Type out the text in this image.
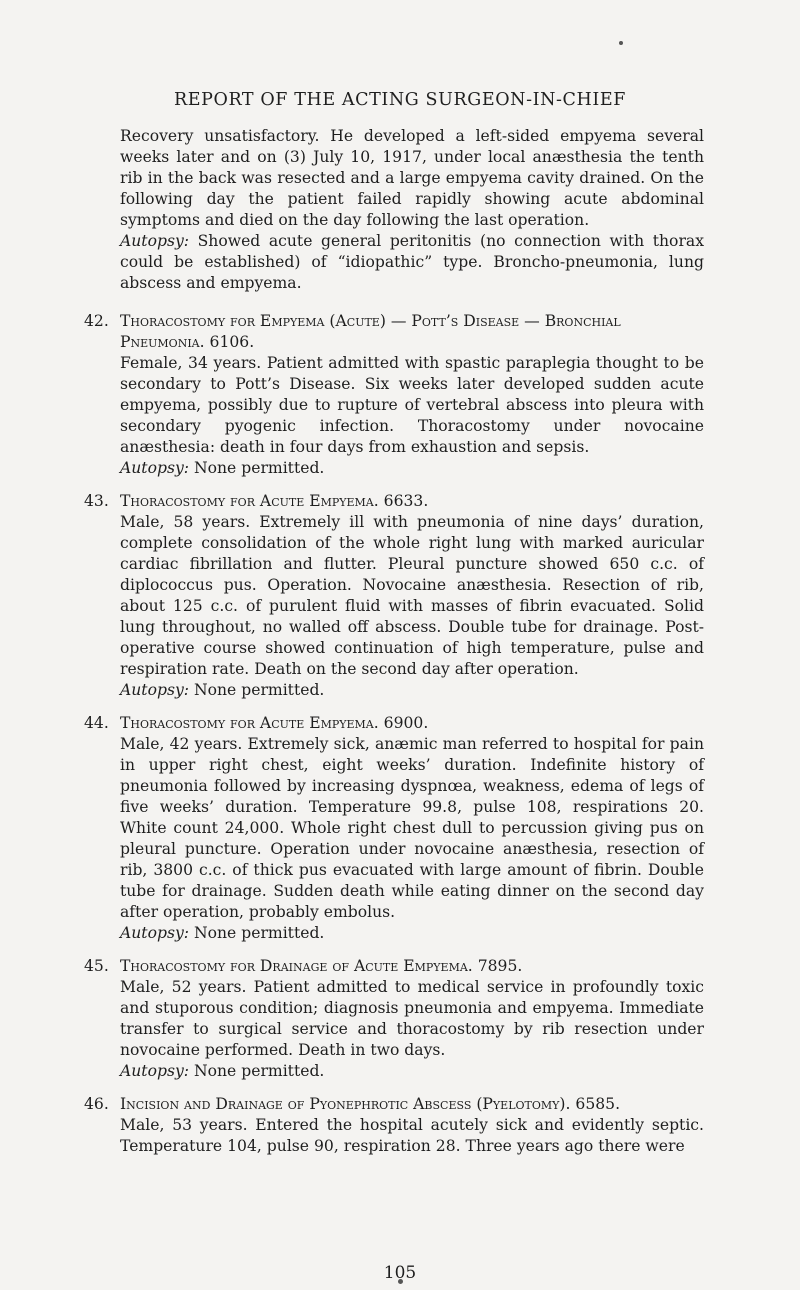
REPORT OF THE ACTING SURGEON-IN-CHIEF

Recovery unsatisfactory. He developed a left-sided empyema several weeks later and on (3) July 10, 1917, under local anæsthesia the tenth rib in the back was resected and a large empyema cavity drained. On the following day the patient failed rapidly showing acute abdominal symptoms and died on the day following the last operation.

Autopsy: Showed acute general peritonitis (no connection with thorax could be established) of “idiopathic” type. Broncho-pneumonia, lung abscess and empyema.

42. Thoracostomy for Empyema (Acute) — Pott’s Disease — Bronchial
Pneumonia. 6106.

Female, 34 years. Patient admitted with spastic paraplegia thought to be secondary to Pott’s Disease. Six weeks later developed sudden acute empyema, possibly due to rupture of vertebral abscess into pleura with secondary pyogenic infection. Thoracostomy under novocaine anæsthesia: death in four days from exhaustion and sepsis.

Autopsy: None permitted.

43. Thoracostomy for Acute Empyema. 6633.

Male, 58 years. Extremely ill with pneumonia of nine days’ duration, complete consolidation of the whole right lung with marked auricular cardiac fibrillation and flutter. Pleural puncture showed 650 c.c. of diplococcus pus. Operation. Novocaine anæsthesia. Resection of rib, about 125 c.c. of purulent fluid with masses of fibrin evacuated. Solid lung throughout, no walled off abscess. Double tube for drainage. Post-operative course showed continuation of high temperature, pulse and respiration rate. Death on the second day after operation.

Autopsy: None permitted.

44. Thoracostomy for Acute Empyema. 6900.

Male, 42 years. Extremely sick, anæmic man referred to hospital for pain in upper right chest, eight weeks’ duration. Indefinite history of pneumonia followed by increasing dyspnœa, weakness, edema of legs of five weeks’ duration. Temperature 99.8, pulse 108, respirations 20. White count 24,000. Whole right chest dull to percussion giving pus on pleural puncture. Operation under novocaine anæsthesia, resection of rib, 3800 c.c. of thick pus evacuated with large amount of fibrin. Double tube for drainage. Sudden death while eating dinner on the second day after operation, probably embolus.

Autopsy: None permitted.

45. Thoracostomy for Drainage of Acute Empyema. 7895.

Male, 52 years. Patient admitted to medical service in profoundly toxic and stuporous condition; diagnosis pneumonia and empyema. Immediate transfer to surgical service and thoracostomy by rib resection under novocaine performed. Death in two days.

Autopsy: None permitted.

46. Incision and Drainage of Pyonephrotic Abscess (Pyelotomy). 6585.

Male, 53 years. Entered the hospital acutely sick and evidently septic. Temperature 104, pulse 90, respiration 28. Three years ago there were

105
